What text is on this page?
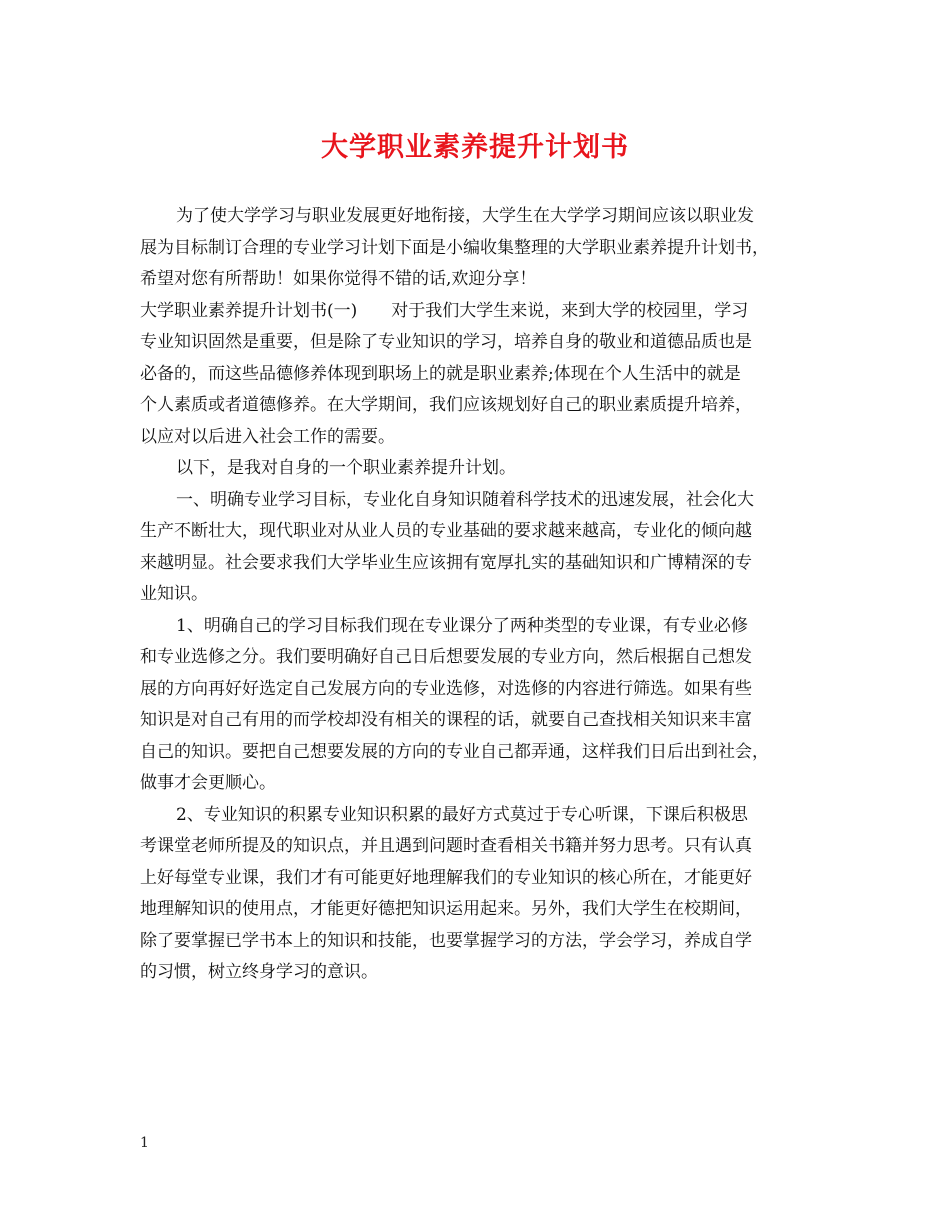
大学职业素养提升计划书
为了使大学学习与职业发展更好地衔接，大学生在大学学习期间应该以职业发
展为目标制订合理的专业学习计划下面是小编收集整理的大学职业素养提升计划书，
希望对您有所帮助！如果你觉得不错的话,欢迎分享！
大学职业素养提升计划书(一)　　对于我们大学生来说，来到大学的校园里，学习
专业知识固然是重要，但是除了专业知识的学习，培养自身的敬业和道德品质也是
必备的，而这些品德修养体现到职场上的就是职业素养;体现在个人生活中的就是
个人素质或者道德修养。在大学期间，我们应该规划好自己的职业素质提升培养，
以应对以后进入社会工作的需要。
以下，是我对自身的一个职业素养提升计划。
一、明确专业学习目标，专业化自身知识随着科学技术的迅速发展，社会化大
生产不断壮大，现代职业对从业人员的专业基础的要求越来越高，专业化的倾向越
来越明显。社会要求我们大学毕业生应该拥有宽厚扎实的基础知识和广博精深的专
业知识。
1、明确自己的学习目标我们现在专业课分了两种类型的专业课，有专业必修
和专业选修之分。我们要明确好自己日后想要发展的专业方向，然后根据自己想发
展的方向再好好选定自己发展方向的专业选修，对选修的内容进行筛选。如果有些
知识是对自己有用的而学校却没有相关的课程的话，就要自己查找相关知识来丰富
自己的知识。要把自己想要发展的方向的专业自己都弄通，这样我们日后出到社会，
做事才会更顺心。
2、专业知识的积累专业知识积累的最好方式莫过于专心听课，下课后积极思
考课堂老师所提及的知识点，并且遇到问题时查看相关书籍并努力思考。只有认真
上好每堂专业课，我们才有可能更好地理解我们的专业知识的核心所在，才能更好
地理解知识的使用点，才能更好德把知识运用起来。另外，我们大学生在校期间，
除了要掌握已学书本上的知识和技能，也要掌握学习的方法，学会学习，养成自学
的习惯，树立终身学习的意识。
1
